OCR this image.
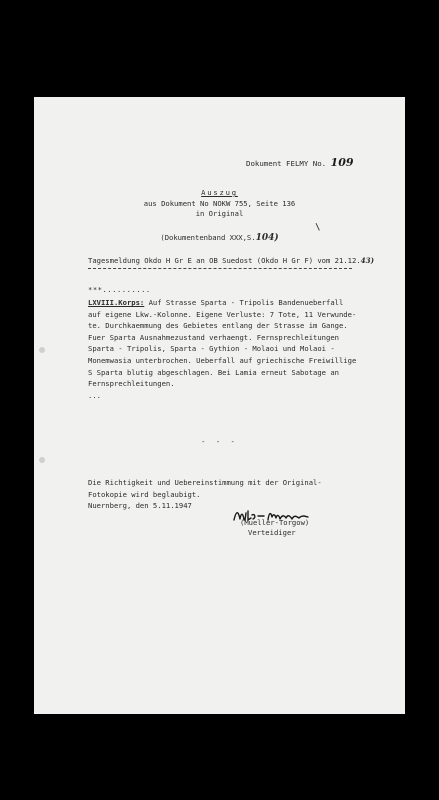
Dokument FELMY No. 109
Auszug
aus Dokument No NOKW 755, Seite 136
in Original
(Dokumentenband XXX,S.104)
Tagesmeldung Okdo H Gr E an OB Suedost (Okdo H Gr F) vom 21.12.43)
***..........
LXVIII.Korps: Auf Strasse Sparta - Tripolis Bandenueberfall
auf eigene Lkw.-Kolonne. Eigene Verluste: 7 Tote, 11 Verwunde-
te. Durchkaemmung des Gebietes entlang der Strasse im Gange.
Fuer Sparta Ausnahmezustand verhaengt. Fernsprechleitungen
Sparta - Tripolis, Sparta - Gythion - Molaoi und Molaoi -
Monemwasia unterbrochen. Ueberfall auf griechische Freiwillige
S Sparta blutig abgeschlagen. Bei Lamia erneut Sabotage an
Fernsprechleitungen.
...
- - -
Die Richtigkeit und Uebereinstimmung mit der Original-
Fotokopie wird beglaubigt.
Nuernberg, den 5.11.1947
(Mueller-Torgow)
Verteidiger
